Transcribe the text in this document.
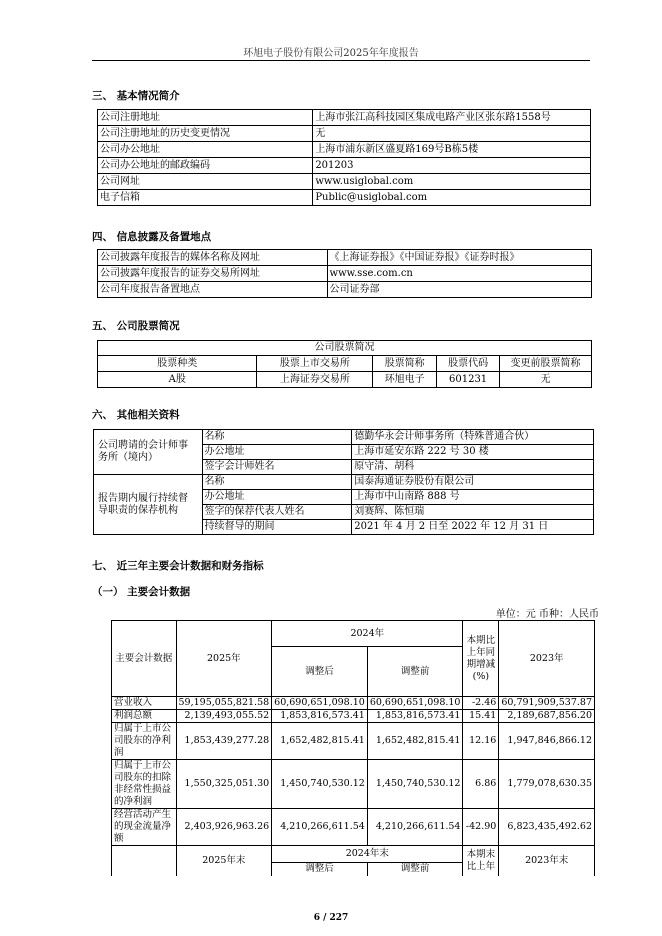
环旭电子股份有限公司2025年年度报告
三、 基本情况简介
公司注册地址	上海市张江高科技园区集成电路产业区张东路1558号
公司注册地址的历史变更情况	无
公司办公地址	上海市浦东新区盛夏路169号B栋5楼
公司办公地址的邮政编码	201203
公司网址	www.usiglobal.com
电子信箱	Public@usiglobal.com
四、 信息披露及备置地点
公司披露年度报告的媒体名称及网址	《上海证券报》《中国证券报》《证券时报》
公司披露年度报告的证券交易所网址	www.sse.com.cn
公司年度报告备置地点	公司证券部
五、 公司股票简况
公司股票简况				
股票种类	股票上市交易所	股票简称	股票代码	变更前股票简称
A股	上海证券交易所	环旭电子	601231	无
六、 其他相关资料
公司聘请的会计师事务所（境内）	名称	德勤华永会计师事务所（特殊普通合伙）
	办公地址	上海市延安东路 222 号 30 楼
	签字会计师姓名	原守清、胡科
报告期内履行持续督导职责的保荐机构	名称	国泰海通证券股份有限公司
	办公地址	上海市中山南路 888 号
	签字的保荐代表人姓名	刘赛辉、陈恒瑞
	持续督导的期间	2021 年 4 月 2 日至 2022 年 12 月 31 日
七、 近三年主要会计数据和财务指标
（一） 主要会计数据
单位：元 币种：人民币
主要会计数据	2025年	2024年		本期比上年同期增减(%)	2023年
		调整后	调整前		
营业收入	59,195,055,821.58	60,690,651,098.10	60,690,651,098.10	-2.46	60,791,909,537.87
利润总额	2,139,493,055.52	1,853,816,573.41	1,853,816,573.41	15.41	2,189,687,856.20
归属于上市公司股东的净利润	1,853,439,277.28	1,652,482,815.41	1,652,482,815.41	12.16	1,947,846,866.12
归属于上市公司股东的扣除非经常性损益的净利润	1,550,325,051.30	1,450,740,530.12	1,450,740,530.12	6.86	1,779,078,630.35
经营活动产生的现金流量净额	2,403,926,963.26	4,210,266,611.54	4,210,266,611.54	-42.90	6,823,435,492.62
	2025年末	2024年末		本期末比上年	2023年末
		调整后	调整前		
6 / 227
